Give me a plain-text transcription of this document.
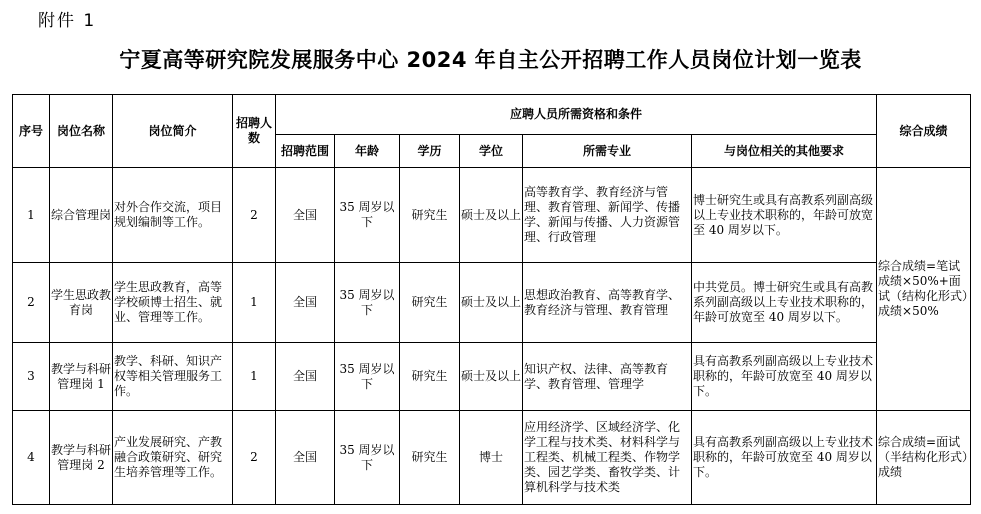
附件 1
宁夏高等研究院发展服务中心 2024 年自主公开招聘工作人员岗位计划一览表
序号	岗位名称	岗位简介	招聘人数	应聘人员所需资格和条件						综合成绩
				招聘范围	年龄	学历	学位	所需专业	与岗位相关的其他要求	
1	综合管理岗	对外合作交流，项目规划编制等工作。	2	全国	35 周岁以下	研究生	硕士及以上	高等教育学、教育经济与管理、教育管理、新闻学、传播学、新闻与传播、人力资源管理、行政管理	博士研究生或具有高教系列副高级以上专业技术职称的，年龄可放宽至 40 周岁以下。	综合成绩=笔试成绩×50%+面试（结构化形式）成绩×50%
2	学生思政教育岗	学生思政教育，高等学校硕博士招生、就业、管理等工作。	1	全国	35 周岁以下	研究生	硕士及以上	思想政治教育、高等教育学、教育经济与管理、教育管理	中共党员。博士研究生或具有高教系列副高级以上专业技术职称的，年龄可放宽至 40 周岁以下。	
3	教学与科研管理岗 1	教学、科研、知识产权等相关管理服务工作。	1	全国	35 周岁以下	研究生	硕士及以上	知识产权、法律、高等教育学、教育管理、管理学	具有高教系列副高级以上专业技术职称的，年龄可放宽至 40 周岁以下。	
4	教学与科研管理岗 2	产业发展研究、产教融合政策研究、研究生培养管理等工作。	2	全国	35 周岁以下	研究生	博士	应用经济学、区域经济学、化学工程与技术类、材料科学与工程类、机械工程类、作物学类、园艺学类、畜牧学类、计算机科学与技术类	具有高教系列副高级以上专业技术职称的，年龄可放宽至 40 周岁以下。	综合成绩=面试（半结构化形式）成绩
